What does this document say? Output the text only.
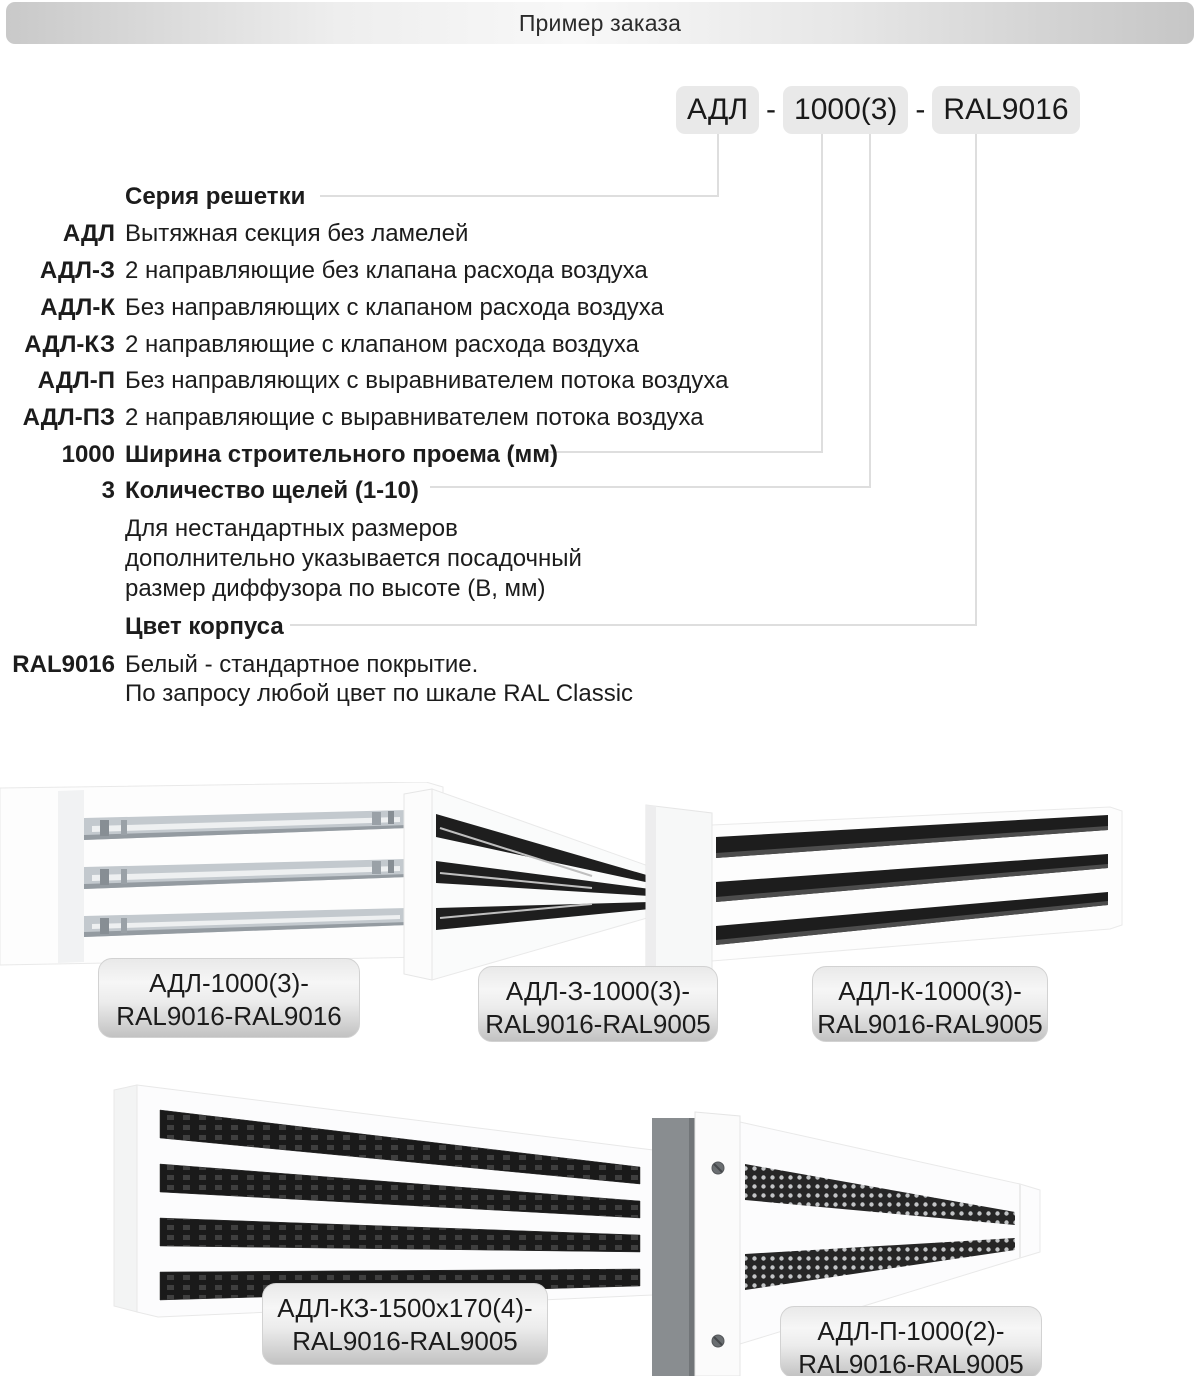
Пример заказа
АДЛ - 1000(3) - RAL9016
Серия решетки
АДЛ Вытяжная секция без ламелей
АДЛ-З 2 направляющие без клапана расхода воздуха
АДЛ-К Без направляющих с клапаном расхода воздуха
АДЛ-КЗ 2 направляющие с клапаном расхода воздуха
АДЛ-П Без направляющих с выравнивателем потока воздуха
АДЛ-ПЗ 2 направляющие с выравнивателем потока воздуха
1000 Ширина строительного проема (мм)
3 Количество щелей (1-10)
Для нестандартных размеров
дополнительно указывается посадочный
размер диффузора по высоте (В, мм)
Цвет корпуса
RAL9016 Белый - стандартное покрытие.
По запросу любой цвет по шкале RAL Classic
АДЛ-1000(3)-
RAL9016-RAL9016
АДЛ-З-1000(3)-
RAL9016-RAL9005
АДЛ-К-1000(3)-
RAL9016-RAL9005
АДЛ-КЗ-1500х170(4)-
RAL9016-RAL9005	АДЛ-П-1000(2)-
RAL9016-RAL9005
